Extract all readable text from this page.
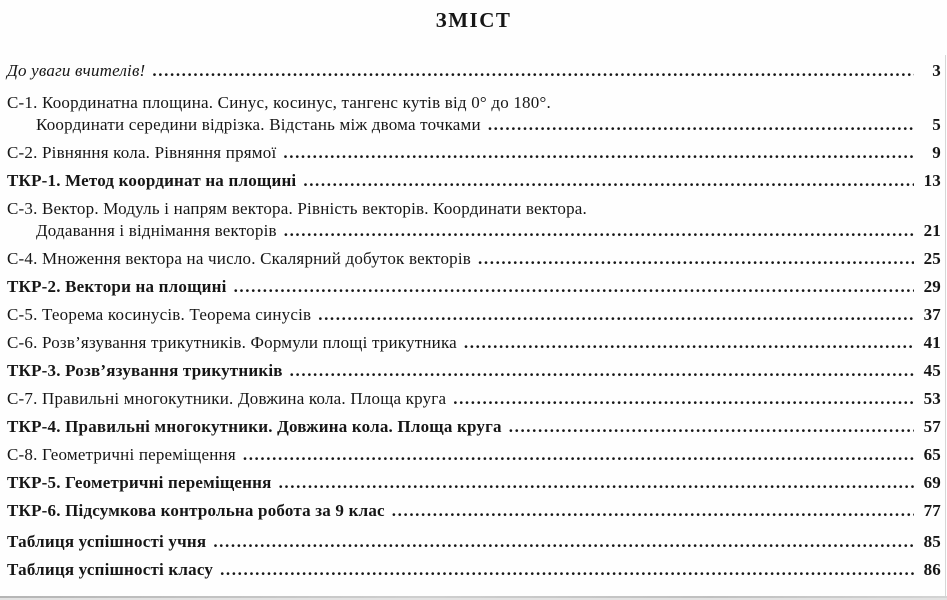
ЗМІСТ
До уваги вчителів! .....	3
С-1. Координатна площина. Синус, косинус, тангенс кутів від 0° до 180°.
Координати середини відрізка. Відстань між двома точками .....	5
С-2. Рівняння кола. Рівняння прямої .....	9
ТКР-1. Метод координат на площині .....	13
С-3. Вектор. Модуль і напрям вектора. Рівність векторів. Координати вектора.
Додавання і віднімання векторів .....	21
С-4. Множення вектора на число. Скалярний добуток векторів .....	25
ТКР-2. Вектори на площині .....	29
С-5. Теорема косинусів. Теорема синусів .....	37
С-6. Розв’язування трикутників. Формули площі трикутника .....	41
ТКР-3. Розв’язування трикутників .....	45
С-7. Правильні многокутники. Довжина кола. Площа круга .....	53
ТКР-4. Правильні многокутники. Довжина кола. Площа круга .....	57
С-8. Геометричні переміщення .....	65
ТКР-5. Геометричні переміщення .....	69
ТКР-6. Підсумкова контрольна робота за 9 клас .....	77
Таблиця успішності учня .....	85
Таблиця успішності класу .....	86
